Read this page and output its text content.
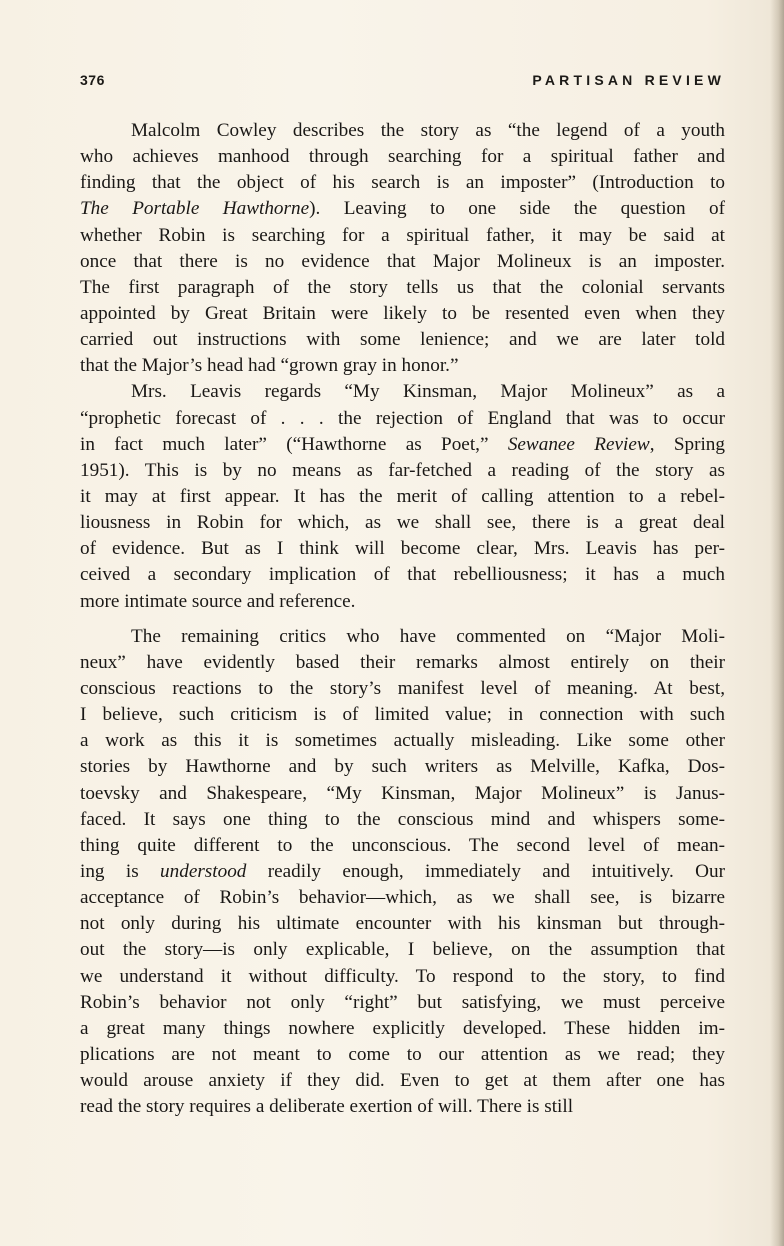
376	PARTISAN REVIEW
Malcolm Cowley describes the story as “the legend of a youth
who achieves manhood through searching for a spiritual father and
finding that the object of his search is an imposter” (Introduction to
The Portable Hawthorne). Leaving to one side the question of
whether Robin is searching for a spiritual father, it may be said at
once that there is no evidence that Major Molineux is an imposter.
The first paragraph of the story tells us that the colonial servants
appointed by Great Britain were likely to be resented even when they
carried out instructions with some lenience; and we are later told
that the Major’s head had “grown gray in honor.”
Mrs. Leavis regards “My Kinsman, Major Molineux” as a
“prophetic forecast of . . . the rejection of England that was to occur
in fact much later” (“Hawthorne as Poet,” Sewanee Review, Spring
1951). This is by no means as far-fetched a reading of the story as
it may at first appear. It has the merit of calling attention to a rebel-
liousness in Robin for which, as we shall see, there is a great deal
of evidence. But as I think will become clear, Mrs. Leavis has per-
ceived a secondary implication of that rebelliousness; it has a much
more intimate source and reference.
The remaining critics who have commented on “Major Moli-
neux” have evidently based their remarks almost entirely on their
conscious reactions to the story’s manifest level of meaning. At best,
I believe, such criticism is of limited value; in connection with such
a work as this it is sometimes actually misleading. Like some other
stories by Hawthorne and by such writers as Melville, Kafka, Dos-
toevsky and Shakespeare, “My Kinsman, Major Molineux” is Janus-
faced. It says one thing to the conscious mind and whispers some-
thing quite different to the unconscious. The second level of mean-
ing is understood readily enough, immediately and intuitively. Our
acceptance of Robin’s behavior—which, as we shall see, is bizarre
not only during his ultimate encounter with his kinsman but through-
out the story—is only explicable, I believe, on the assumption that
we understand it without difficulty. To respond to the story, to find
Robin’s behavior not only “right” but satisfying, we must perceive
a great many things nowhere explicitly developed. These hidden im-
plications are not meant to come to our attention as we read; they
would arouse anxiety if they did. Even to get at them after one has
read the story requires a deliberate exertion of will. There is still
